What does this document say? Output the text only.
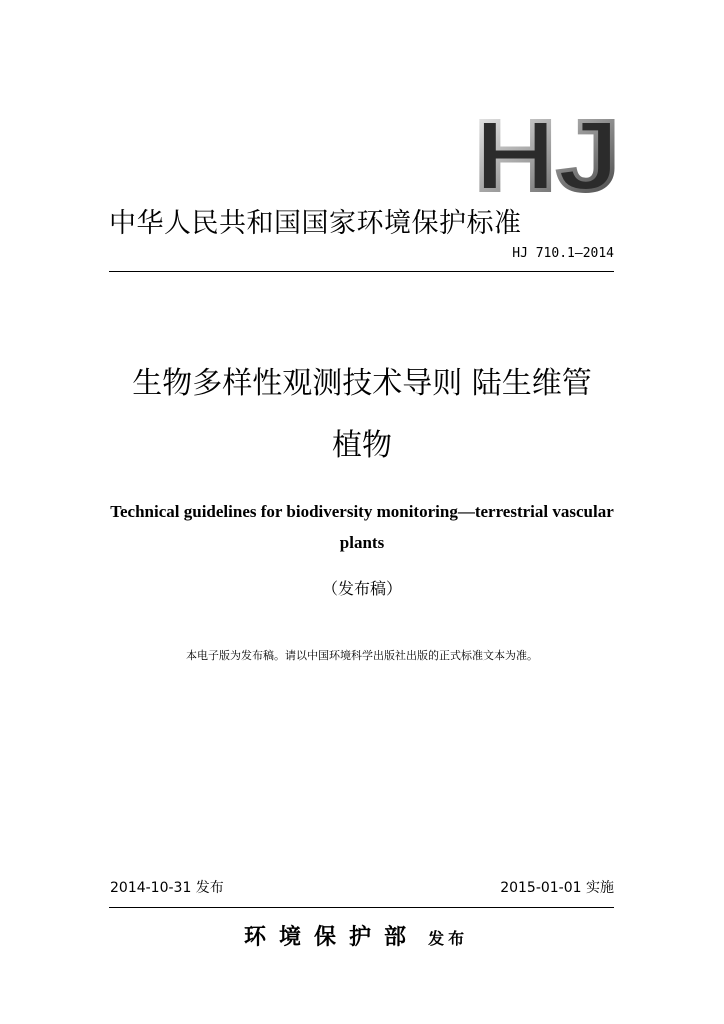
HJ
中华人民共和国国家环境保护标准
HJ 710.1—2014
生物多样性观测技术导则 陆生维管
植物
Technical guidelines for biodiversity monitoring—terrestrial vascular
plants
（发布稿）
本电子版为发布稿。请以中国环境科学出版社出版的正式标准文本为准。
2014-10-31 发布	2015-01-01 实施
环境保护部 发布
